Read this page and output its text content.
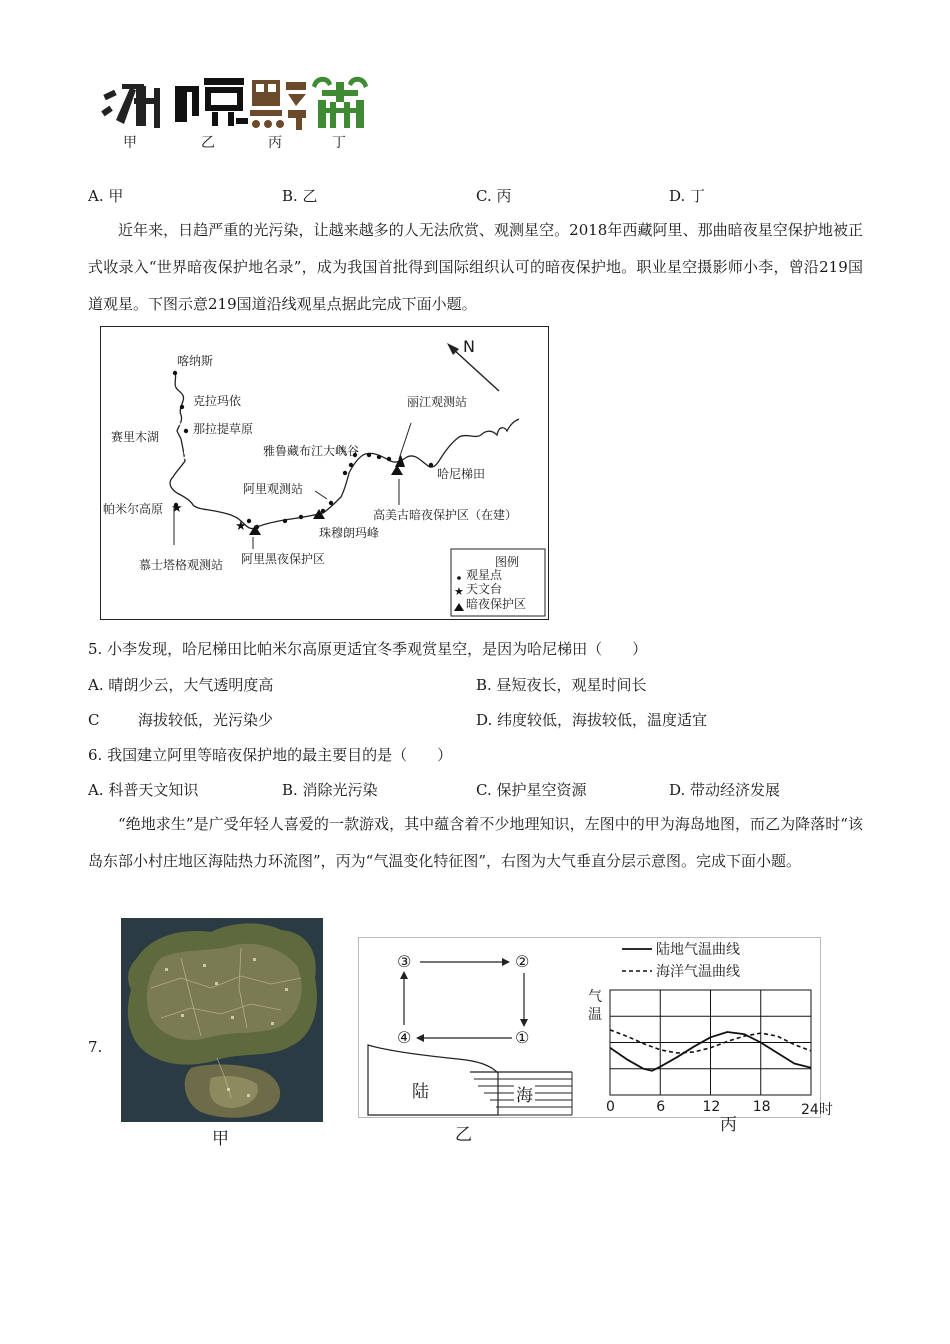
甲	乙	丙	丁
A. 甲	B. 乙	C. 丙	D. 丁
近年来，日趋严重的光污染，让越来越多的人无法欣赏、观测星空。2018年西藏阿里、那曲暗夜星空保护地被正式收录入“世界暗夜保护地名录”，成为我国首批得到国际组织认可的暗夜保护地。职业星空摄影师小李，曾沿219国道观星。下图示意219国道沿线观星点据此完成下面小题。
★
★
★
N
喀纳斯
克拉玛依
那拉提草原
赛里木湖
帕米尔高原
慕士塔格观测站
阿里观测站
阿里黑夜保护区
珠穆朗玛峰
雅鲁藏布江大峡谷
丽江观测站
哈尼梯田
高美古暗夜保护区（在建）
图例
观星点
天文台
暗夜保护区
5. 小李发现，哈尼梯田比帕米尔高原更适宜冬季观赏星空，是因为哈尼梯田（　　）
A. 晴朗少云，大气透明度高	B. 昼短夜长，观星时间长
C	海拔较低，光污染少	D. 纬度较低，海拔较低，温度适宜
6. 我国建立阿里等暗夜保护地的最主要目的是（　　）
A. 科普天文知识	B. 消除光污染	C. 保护星空资源	D. 带动经济发展
“绝地求生”是广受年轻人喜爱的一款游戏，其中蕴含着不少地理知识，左图中的甲为海岛地图，而乙为降落时“该岛东部小村庄地区海陆热力环流图”，丙为“气温变化特征图”，右图为大气垂直分层示意图。完成下面小题。
7.
甲
③	②
①
④
陆	海
乙
陆地气温曲线
海洋气温曲线
气温
0	6	12 18 24时
丙
